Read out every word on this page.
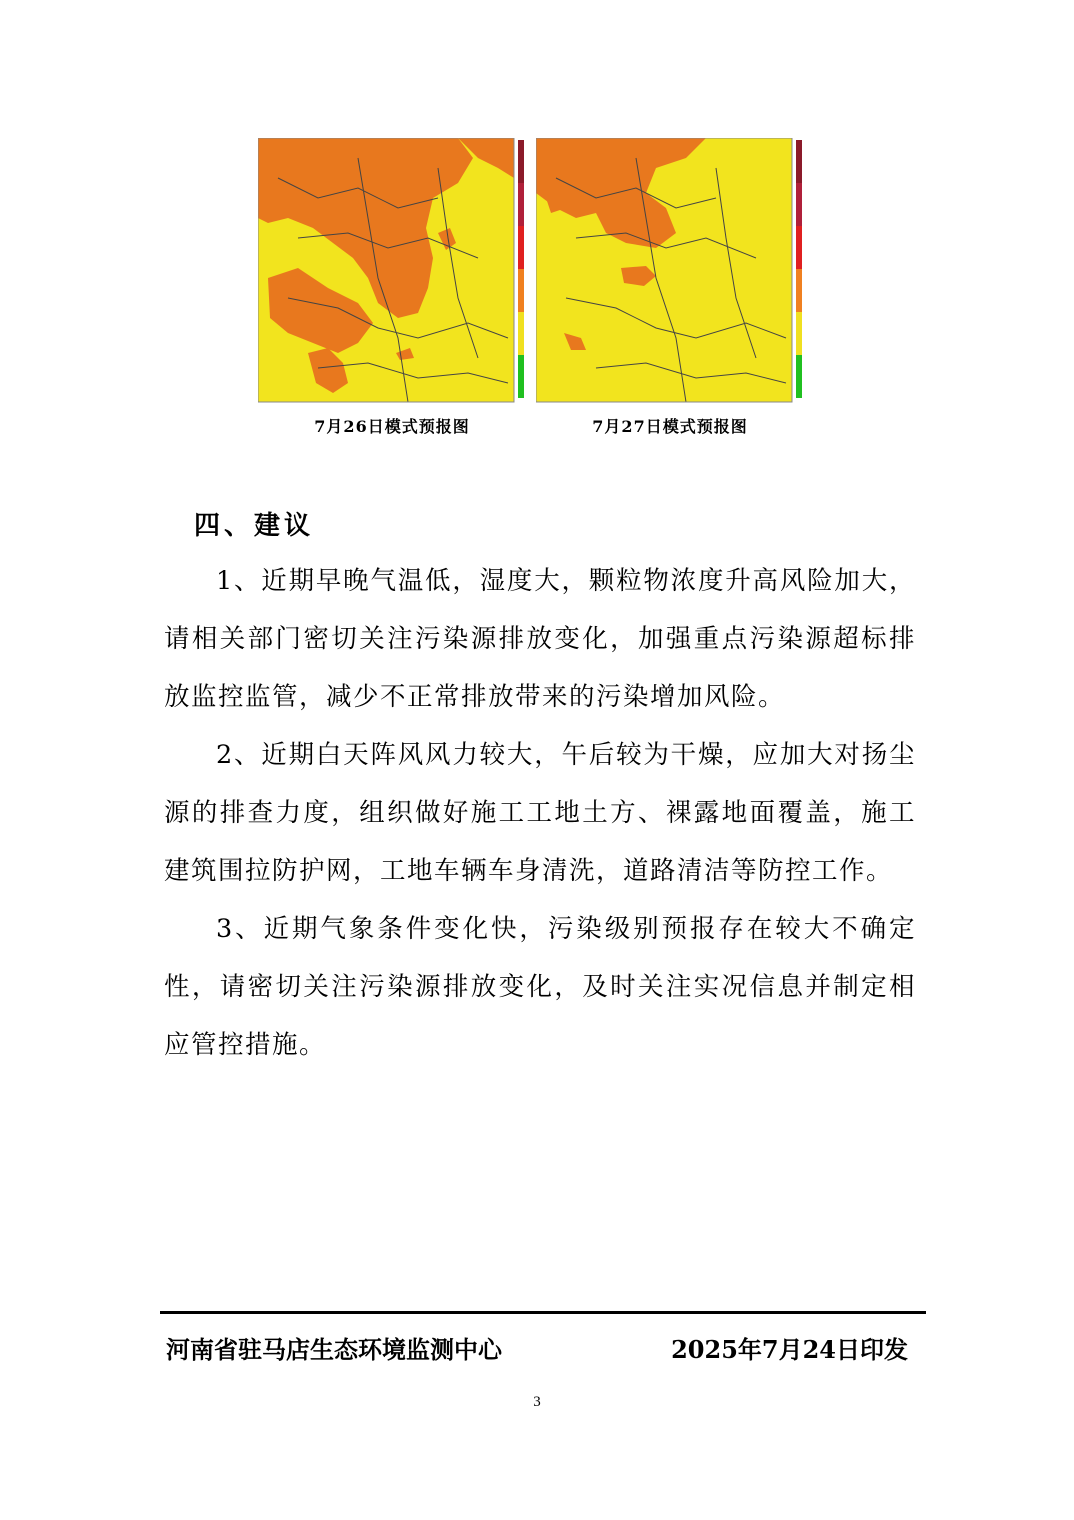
7月26日模式预报图	7月27日模式预报图
四、建议

1、近期早晚气温低，湿度大，颗粒物浓度升高风险加大，请相关部门密切关注污染源排放变化，加强重点污染源超标排放监控监管，减少不正常排放带来的污染增加风险。

2、近期白天阵风风力较大，午后较为干燥，应加大对扬尘源的排查力度，组织做好施工工地土方、裸露地面覆盖，施工建筑围拉防护网，工地车辆车身清洗，道路清洁等防控工作。

3、近期气象条件变化快，污染级别预报存在较大不确定性，请密切关注污染源排放变化，及时关注实况信息并制定相应管控措施。

河南省驻马店生态环境监测中心	2025年7月24日印发
3
